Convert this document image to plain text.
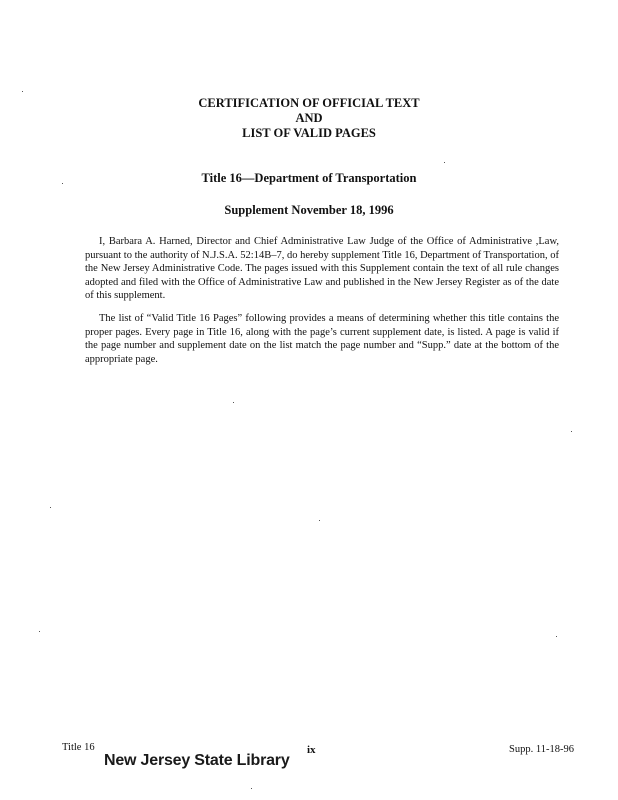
CERTIFICATION OF OFFICIAL TEXT
AND
LIST OF VALID PAGES
Title 16—Department of Transportation
Supplement November 18, 1996

I, Barbara A. Harned, Director and Chief Administrative Law Judge of the Office of Administrative ,Law, pursuant to the authority of N.J.S.A. 52:14B–7, do hereby supplement Title 16, Department of Transportation, of the New Jersey Administrative Code. The pages issued with this Supplement contain the text of all rule changes adopted and filed with the Office of Administrative Law and published in the New Jersey Register as of the date of this supplement.

The list of “Valid Title 16 Pages” following provides a means of determining whether this title contains the proper pages. Every page in Title 16, along with the page’s current supplement date, is listed. A page is valid if the page number and supplement date on the list match the page number and “Supp.” date at the bottom of the appropriate page.

Title 16
New Jersey State Library
ix	Supp. 11-18-96
